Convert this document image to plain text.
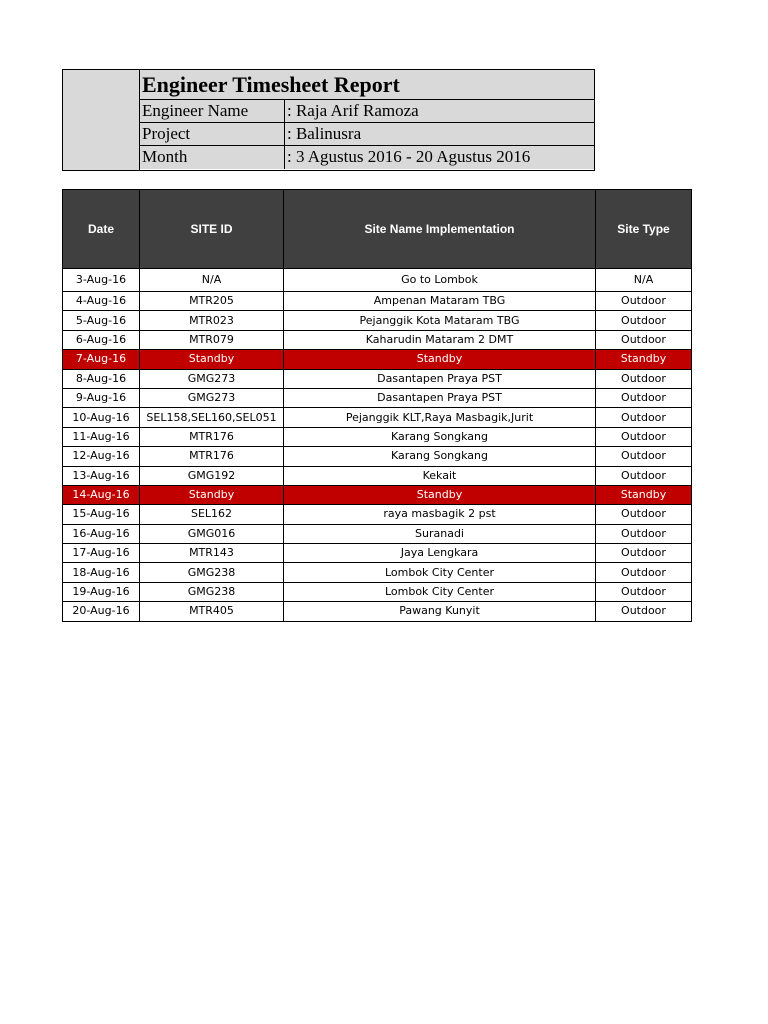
Engineer Timesheet Report
Engineer Name : Raja Arif Ramoza
Project	: Balinusra
Month	: 3 Agustus 2016 - 20 Agustus 2016
Date	SITE ID	Site Name Implementation	Site Type
3-Aug-16	N/A	Go to Lombok	N/A
4-Aug-16	MTR205	Ampenan Mataram TBG	Outdoor
5-Aug-16	MTR023	Pejanggik Kota Mataram TBG	Outdoor
6-Aug-16	MTR079	Kaharudin Mataram 2 DMT	Outdoor
7-Aug-16	Standby	Standby	Standby
8-Aug-16	GMG273	Dasantapen Praya PST	Outdoor
9-Aug-16	GMG273	Dasantapen Praya PST	Outdoor
10-Aug-16	SEL158,SEL160,SEL051	Pejanggik KLT,Raya Masbagik,Jurit	Outdoor
11-Aug-16	MTR176	Karang Songkang	Outdoor
12-Aug-16	MTR176	Karang Songkang	Outdoor
13-Aug-16	GMG192	Kekait	Outdoor
14-Aug-16	Standby	Standby	Standby
15-Aug-16	SEL162	raya masbagik 2 pst	Outdoor
16-Aug-16	GMG016	Suranadi	Outdoor
17-Aug-16	MTR143	Jaya Lengkara	Outdoor
18-Aug-16	GMG238	Lombok City Center	Outdoor
19-Aug-16	GMG238	Lombok City Center	Outdoor
20-Aug-16	MTR405	Pawang Kunyit	Outdoor
